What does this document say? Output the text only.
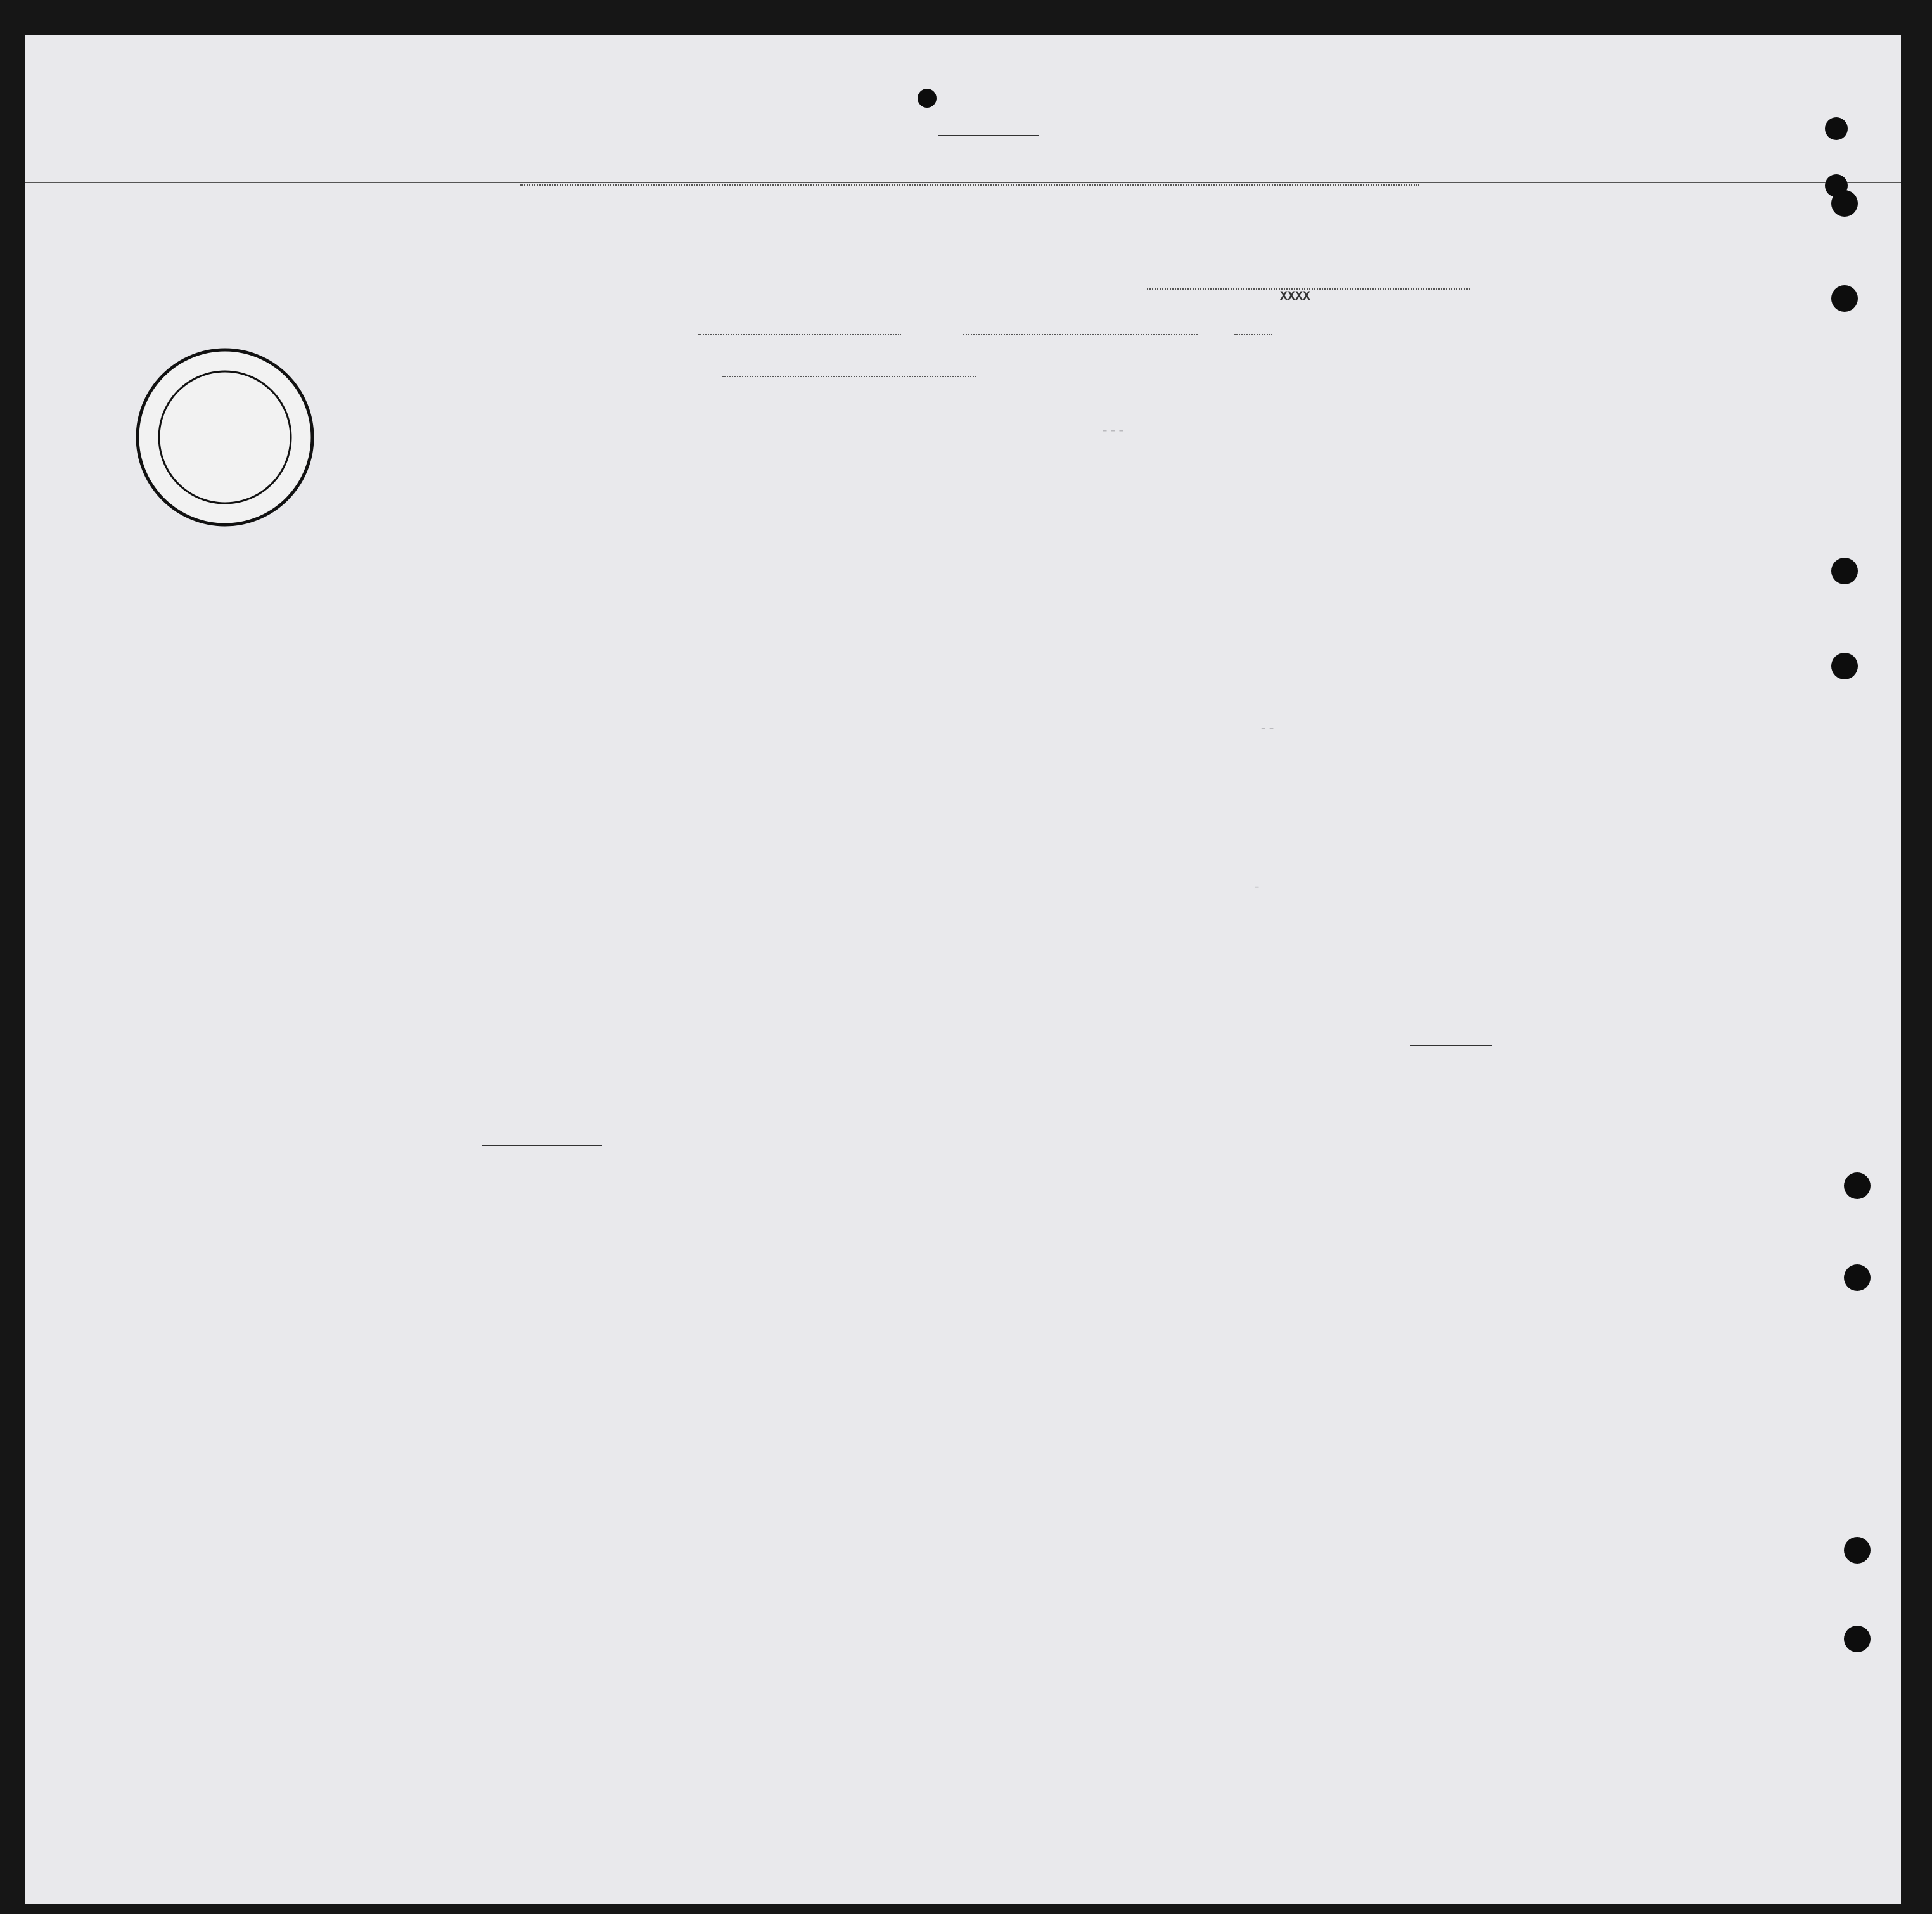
XXXX
- - -
- -
-
